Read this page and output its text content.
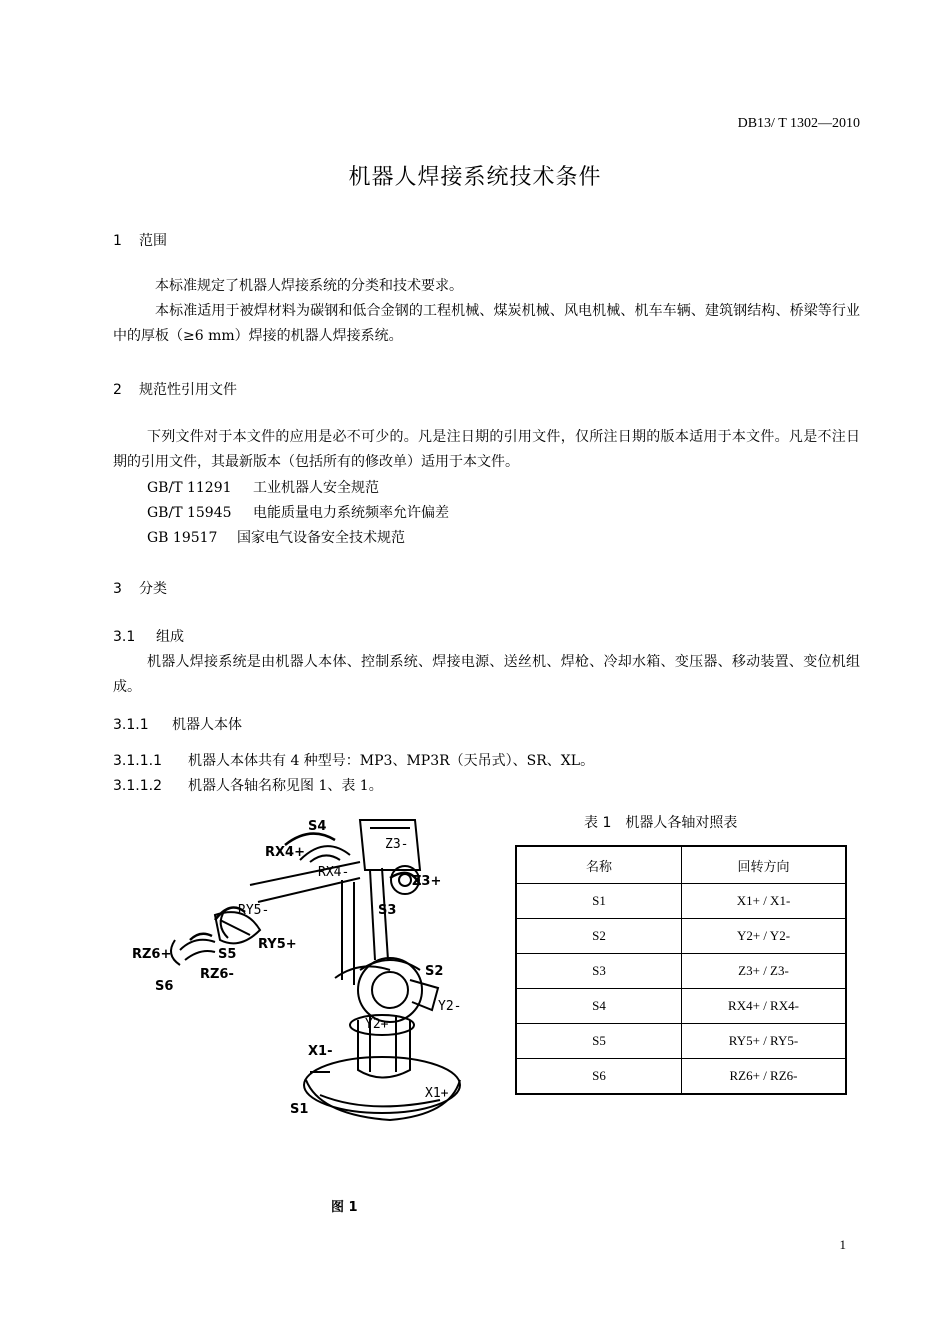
DB13/ T 1302—2010
机器人焊接系统技术条件
1 范围
本标准规定了机器人焊接系统的分类和技术要求。
本标准适用于被焊材料为碳钢和低合金钢的工程机械、煤炭机械、风电机械、机车车辆、建筑钢结构、桥梁等行业中的厚板（≥6 mm）焊接的机器人焊接系统。
2 规范性引用文件
下列文件对于本文件的应用是必不可少的。凡是注日期的引用文件，仅所注日期的版本适用于本文件。凡是不注日期的引用文件，其最新版本（包括所有的修改单）适用于本文件。
GB/T 11291 工业机器人安全规范
GB/T 15945 电能质量电力系统频率允许偏差
GB 19517 国家电气设备安全技术规范
3 分类
3.1 组成
机器人焊接系统是由机器人本体、控制系统、焊接电源、送丝机、焊枪、冷却水箱、变压器、移动装置、变位机组成。
3.1.1 机器人本体
3.1.1.1 机器人本体共有 4 种型号：MP3、MP3R（天吊式）、SR、XL。
3.1.1.2 机器人各轴名称见图 1、表 1。
表 1　机器人各轴对照表
名称	回转方向
S1	X1+ / X1-
S2	Y2+ / Y2-
S3	Z3+ / Z3-
S4	RX4+ / RX4-
S5	RY5+ / RY5-
S6	RZ6+ / RZ6-
S4
RX4+
RX4-
Z3-
Z3+
S3
RY5-
S5
RY5+
RZ6+
RZ6-
S6
S2
Y2-
Y2+
X1-
X1+
S1
图 1
1
